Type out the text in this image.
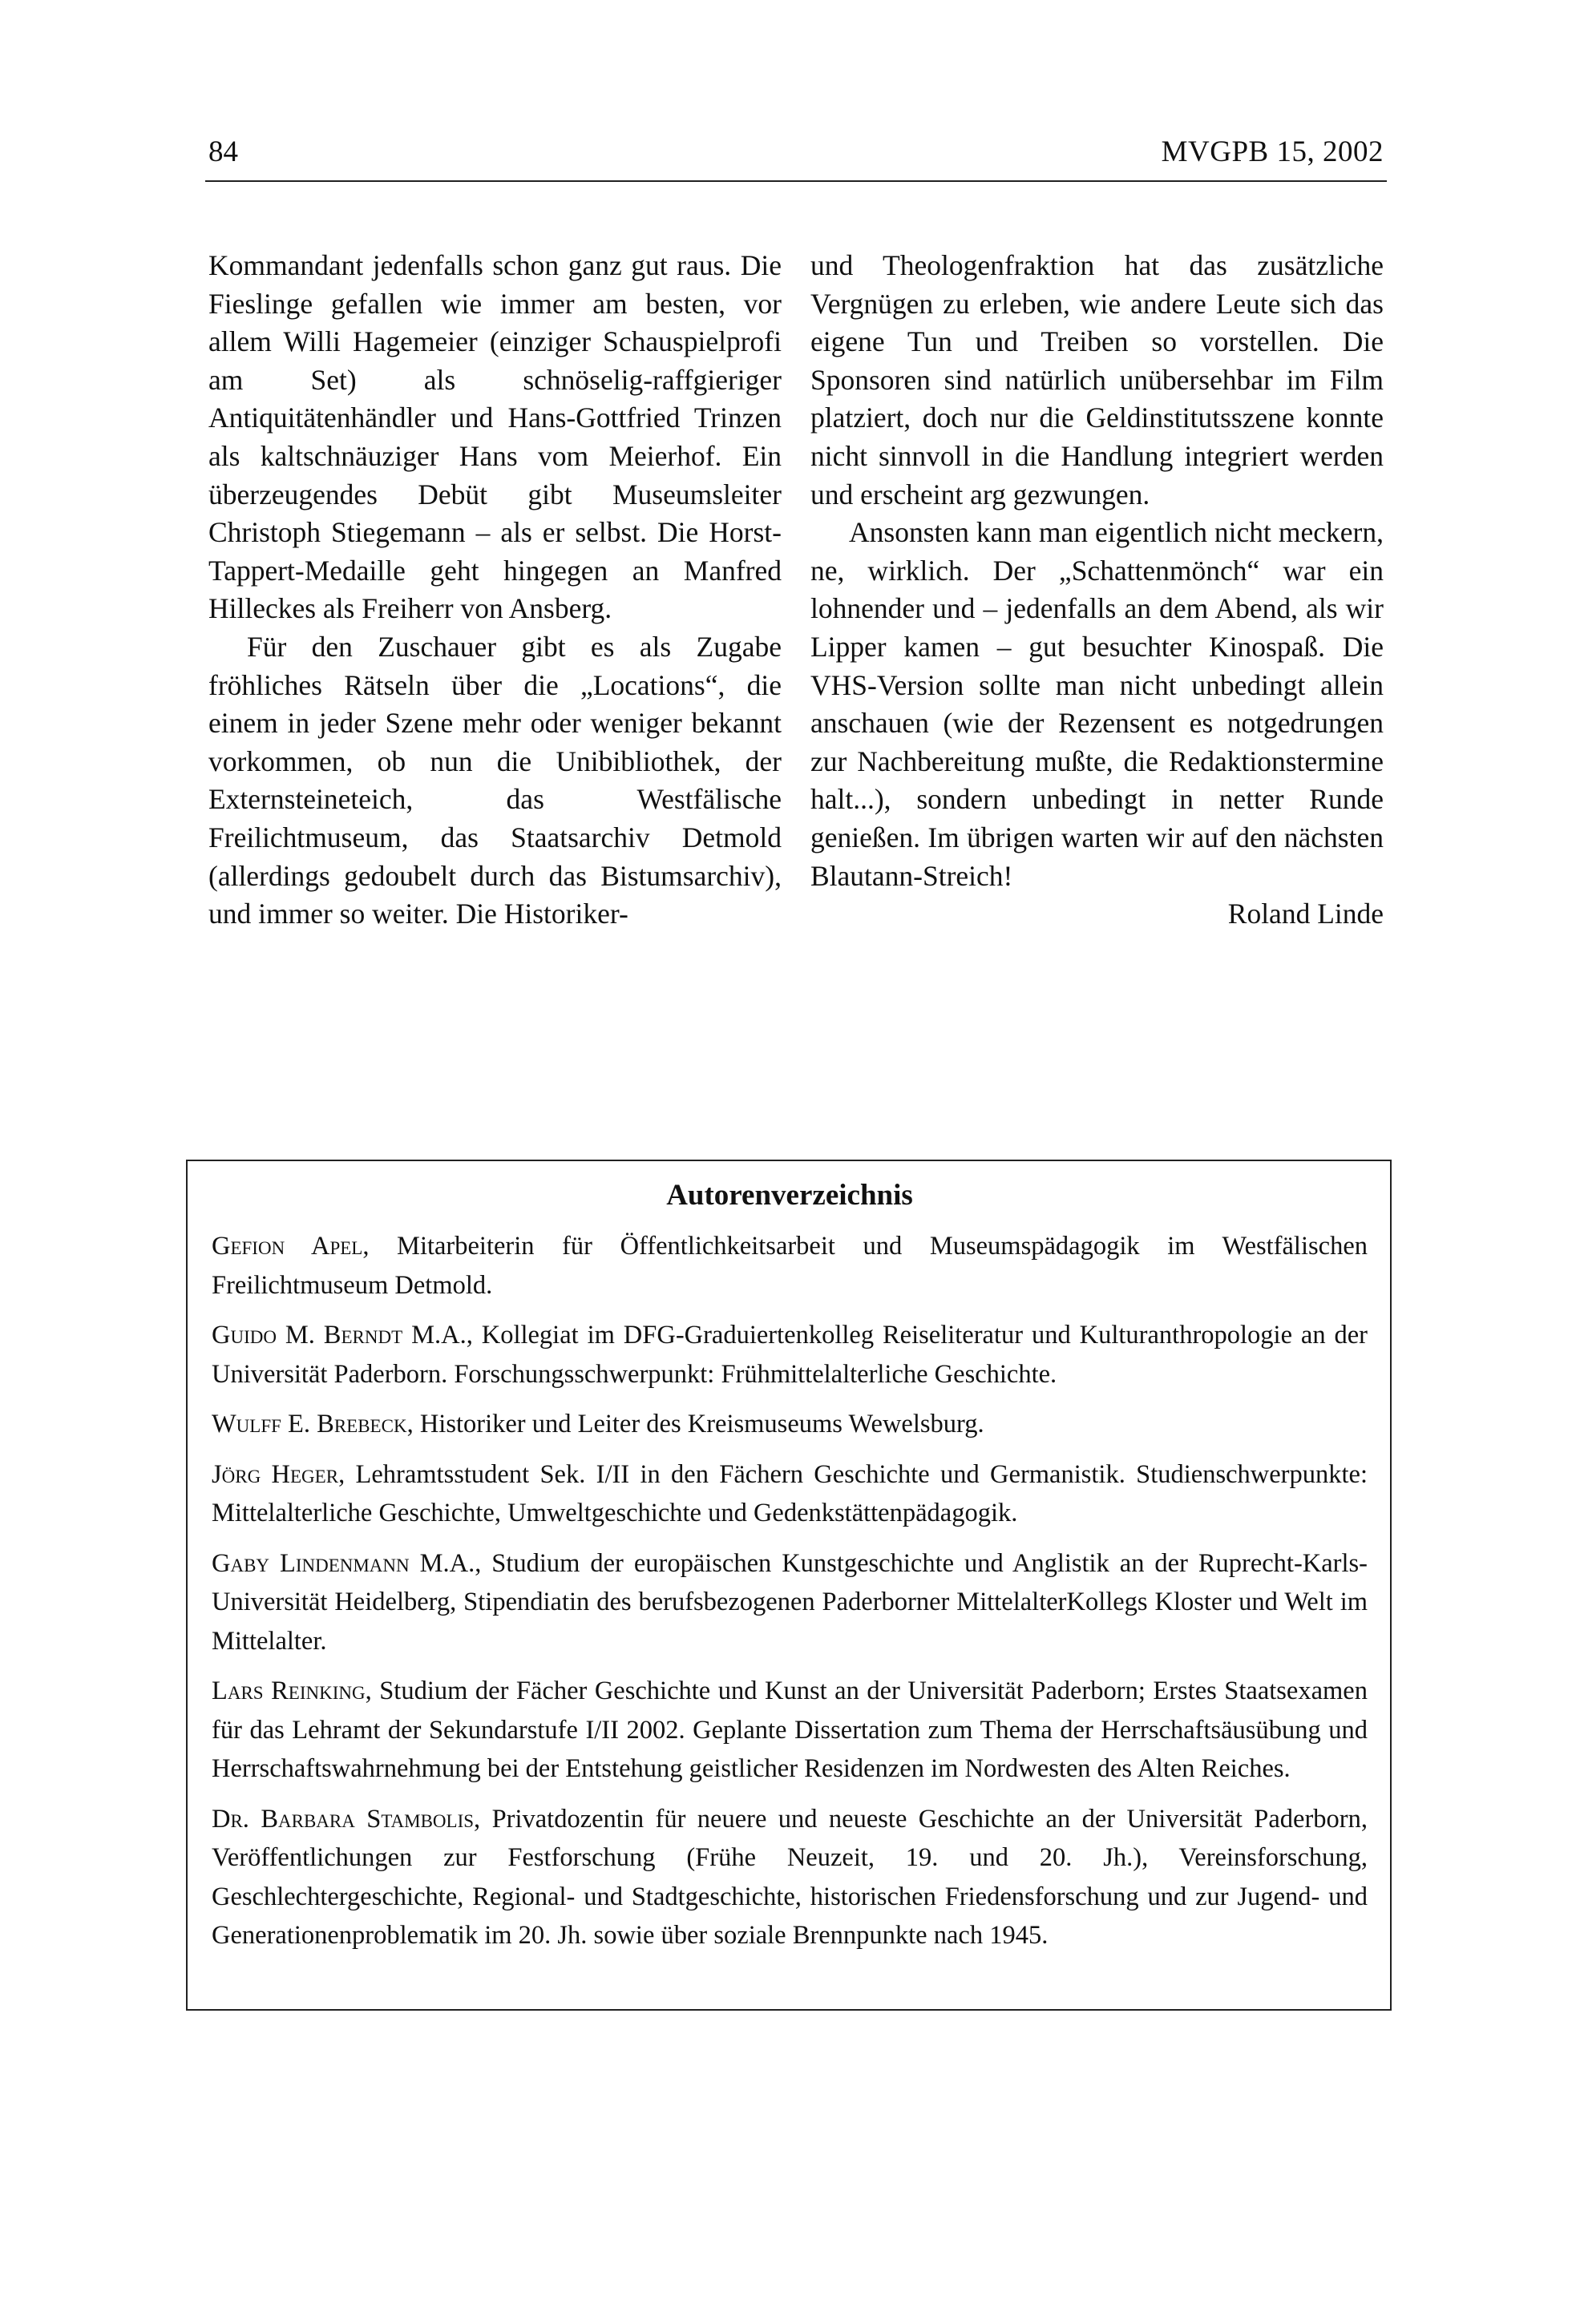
84	MVGPB 15, 2002

Kommandant jedenfalls schon ganz gut raus. Die Fieslinge gefallen wie immer am besten, vor allem Willi Hagemeier (einziger Schauspielprofi am Set) als schnöselig-raffgieriger Antiquitätenhändler und Hans-Gottfried Trinzen als kaltschnäuziger Hans vom Meierhof. Ein überzeugendes Debüt gibt Museumsleiter Christoph Stiegemann – als er selbst. Die Horst-Tappert-Medaille geht hingegen an Manfred Hilleckes als Freiherr von Ansberg.

Für den Zuschauer gibt es als Zugabe fröhliches Rätseln über die „Locations“, die einem in jeder Szene mehr oder weniger bekannt vorkommen, ob nun die Unibibliothek, der Externsteineteich, das Westfälische Freilichtmuseum, das Staatsarchiv Detmold (allerdings gedoubelt durch das Bistumsarchiv), und immer so weiter. Die Historiker-

und Theologenfraktion hat das zusätzliche Vergnügen zu erleben, wie andere Leute sich das eigene Tun und Treiben so vorstellen. Die Sponsoren sind natürlich unübersehbar im Film platziert, doch nur die Geldinstitutsszene konnte nicht sinnvoll in die Handlung integriert werden und erscheint arg gezwungen.

Ansonsten kann man eigentlich nicht meckern, ne, wirklich. Der „Schattenmönch“ war ein lohnender und – jedenfalls an dem Abend, als wir Lipper kamen – gut besuchter Kinospaß. Die VHS-Version sollte man nicht unbedingt allein anschauen (wie der Rezensent es notgedrungen zur Nachbereitung mußte, die Redaktionstermine halt...), sondern unbedingt in netter Runde genießen. Im übrigen warten wir auf den nächsten Blautann-Streich!

Roland Linde

Autorenverzeichnis

Gefion Apel, Mitarbeiterin für Öffentlichkeitsarbeit und Museumspädagogik im Westfälischen Freilichtmuseum Detmold.

Guido M. Berndt M.A., Kollegiat im DFG-Graduiertenkolleg Reiseliteratur und Kulturanthropologie an der Universität Paderborn. Forschungsschwerpunkt: Frühmittelalterliche Geschichte.

Wulff E. Brebeck, Historiker und Leiter des Kreismuseums Wewelsburg.

Jörg Heger, Lehramtsstudent Sek. I/II in den Fächern Geschichte und Germanistik. Studienschwerpunkte: Mittelalterliche Geschichte, Umweltgeschichte und Gedenkstättenpädagogik.

Gaby Lindenmann M.A., Studium der europäischen Kunstgeschichte und Anglistik an der Ruprecht-Karls-Universität Heidelberg, Stipendiatin des berufsbezogenen Paderborner MittelalterKollegs Kloster und Welt im Mittelalter.

Lars Reinking, Studium der Fächer Geschichte und Kunst an der Universität Paderborn; Erstes Staatsexamen für das Lehramt der Sekundarstufe I/II 2002. Geplante Dissertation zum Thema der Herrschaftsäusübung und Herrschaftswahrnehmung bei der Entstehung geistlicher Residenzen im Nordwesten des Alten Reiches.

Dr. Barbara Stambolis, Privatdozentin für neuere und neueste Geschichte an der Universität Paderborn, Veröffentlichungen zur Festforschung (Frühe Neuzeit, 19. und 20. Jh.), Vereinsforschung, Geschlechtergeschichte, Regional- und Stadtgeschichte, historischen Friedensforschung und zur Jugend- und Generationenproblematik im 20. Jh. sowie über soziale Brennpunkte nach 1945.
